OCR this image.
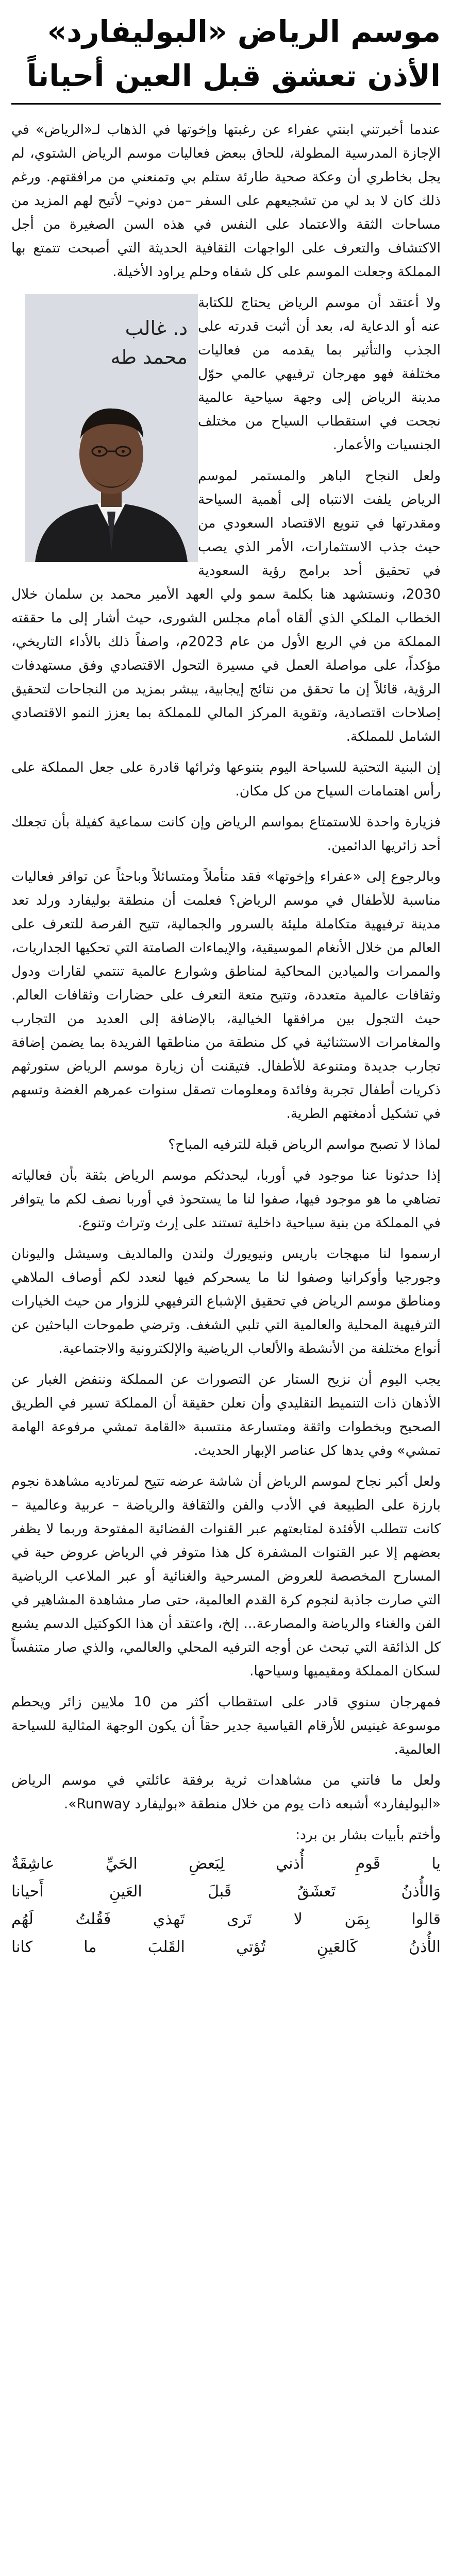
موسم الرياض «البوليفارد»
الأذن تعشق قبل العين أحياناً

عندما أخبرتني ابنتي عفراء عن رغبتها وإخوتها في الذهاب لـ«الرياض» في الإجازة المدرسية المطولة، للحاق ببعض فعاليات موسم الرياض الشتوي، لم يجل بخاطري أن وعكة صحية طارئة ستلم بي وتمنعني من مرافقتهم. ورغم ذلك كان لا بد لي من تشجيعهم على السفر –من دوني– لأتيح لهم المزيد من مساحات الثقة والاعتماد على النفس في هذه السن الصغيرة من أجل الاكتشاف والتعرف على الواجهات الثقافية الحديثة التي أصبحت تتمتع بها المملكة وجعلت الموسم على كل شفاه وحلم يراود الأخيلة.

د. غالب
محمد طه

ولا أعتقد أن موسم الرياض يحتاج للكتابة عنه أو الدعاية له، بعد أن أثبت قدرته على الجذب والتأثير بما يقدمه من فعاليات مختلفة فهو مهرجان ترفيهي عالمي حوّل مدينة الرياض إلى وجهة سياحية عالمية نجحت في استقطاب السياح من مختلف الجنسيات والأعمار.

ولعل النجاح الباهر والمستمر لموسم الرياض يلفت الانتباه إلى أهمية السياحة ومقدرتها في تنويع الاقتصاد السعودي من حيث جذب الاستثمارات، الأمر الذي يصب في تحقيق أحد برامج رؤية السعودية 2030، ونستشهد هنا بكلمة سمو ولي العهد الأمير محمد بن سلمان خلال الخطاب الملكي الذي ألقاه أمام مجلس الشورى، حيث أشار إلى ما حققته المملكة من في الربع الأول من عام 2023م، واصفاً ذلك بالأداء التاريخي، مؤكداً، على مواصلة العمل في مسيرة التحول الاقتصادي وفق مستهدفات الرؤية، قائلاً إن ما تحقق من نتائج إيجابية، يبشر بمزيد من النجاحات لتحقيق إصلاحات اقتصادية، وتقوية المركز المالي للمملكة بما يعزز النمو الاقتصادي الشامل للمملكة.

إن البنية التحتية للسياحة اليوم بتنوعها وثرائها قادرة على جعل المملكة على رأس اهتمامات السياح من كل مكان.

فزيارة واحدة للاستمتاع بمواسم الرياض وإن كانت سماعية كفيلة بأن تجعلك أحد زائريها الدائمين.

وبالرجوع إلى «عفراء وإخوتها» فقد متأملاً ومتسائلاً وباحثاً عن توافر فعاليات مناسبة للأطفال في موسم الرياض؟ فعلمت أن منطقة بوليفارد ورلد تعد مدينة ترفيهية متكاملة مليئة بالسرور والجمالية، تتيح الفرصة للتعرف على العالم من خلال الأنغام الموسيقية، والإيماءات الصامتة التي تحكيها الجداريات، والممرات والميادين المحاكية لمناطق وشوارع عالمية تنتمي لقارات ودول وثقافات عالمية متعددة، وتتيح متعة التعرف على حضارات وثقافات العالم. حيث التجول بين مرافقها الخيالية، بالإضافة إلى العديد من التجارب والمغامرات الاستثنائية في كل منطقة من مناطقها الفريدة بما يضمن إضافة تجارب جديدة ومتنوعة للأطفال. فتيقنت أن زيارة موسم الرياض ستورثهم ذكريات أطفال تجربة وفائدة ومعلومات تصقل سنوات عمرهم الغضة وتسهم في تشكيل أدمغتهم الطرية.

لماذا لا تصبح مواسم الرياض قبلة للترفيه المباح؟

إذا حدثونا عنا موجود في أوربا، ليحدثكم موسم الرياض بثقة بأن فعالياته تضاهي ما هو موجود فيها، صفوا لنا ما يستحوذ في أوربا نصف لكم ما يتوافر في المملكة من بنية سياحية داخلية تستند على إرث وتراث وتنوع.

ارسموا لنا مبهجات باريس ونيويورك ولندن والمالديف وسيشل واليونان وجورجيا وأوكرانيا وصفوا لنا ما يسحركم فيها لنعدد لكم أوصاف الملاهي ومناطق موسم الرياض في تحقيق الإشباع الترفيهي للزوار من حيث الخيارات الترفيهية المحلية والعالمية التي تلبي الشغف. وترضي طموحات الباحثين عن أنواع مختلفة من الأنشطة والألعاب الرياضية والإلكترونية والاجتماعية.

يجب اليوم أن نزيح الستار عن التصورات عن المملكة وننفض الغبار عن الأذهان ذات التنميط التقليدي وأن نعلن حقيقة أن المملكة تسير في الطريق الصحيح وبخطوات واثقة ومتسارعة منتسبة «القامة تمشي مرفوعة الهامة تمشي» وفي يدها كل عناصر الإبهار الحديث.

ولعل أكبر نجاح لموسم الرياض أن شاشة عرضه تتيح لمرتاديه مشاهدة نجوم بارزة على الطبيعة في الأدب والفن والثقافة والرياضة – عربية وعالمية – كانت تتطلب الأفئدة لمتابعتهم عبر القنوات الفضائية المفتوحة وربما لا يظفر بعضهم إلا عبر القنوات المشفرة كل هذا متوفر في الرياض عروض حية في المسارح المخصصة للعروض المسرحية والغنائية أو عبر الملاعب الرياضية التي صارت جاذبة لنجوم كرة القدم العالمية، حتى صار مشاهدة المشاهير في الفن والغناء والرياضة والمصارعة... إلخ، واعتقد أن هذا الكوكتيل الدسم يشبع كل الذائقة التي تبحث عن أوجه الترفيه المحلي والعالمي، والذي صار متنفساً لسكان المملكة ومقيميها وسياحها.

فمهرجان سنوي قادر على استقطاب أكثر من 10 ملايين زائر ويحطم موسوعة غينيس للأرقام القياسية جدير حقاً أن يكون الوجهة المثالية للسياحة العالمية.

ولعل ما فاتني من مشاهدات ثرية برفقة عائلتي في موسم الرياض «البوليفارد» أشبعه ذات يوم من خلال منطقة «بوليفارد Runway».

وأختم بأبيات بشار بن برد:

يا قَومِ أُذني لِبَعضِ الحَيِّ عاشِقَةٌ

وَالأُذنُ تَعشَقُ قَبلَ العَينِ أَحيانا

قالوا بِمَن لا تَرى تَهذي فَقُلتُ لَهُم

الأُذنُ كَالعَينِ تُؤتي القَلبَ ما كانا
